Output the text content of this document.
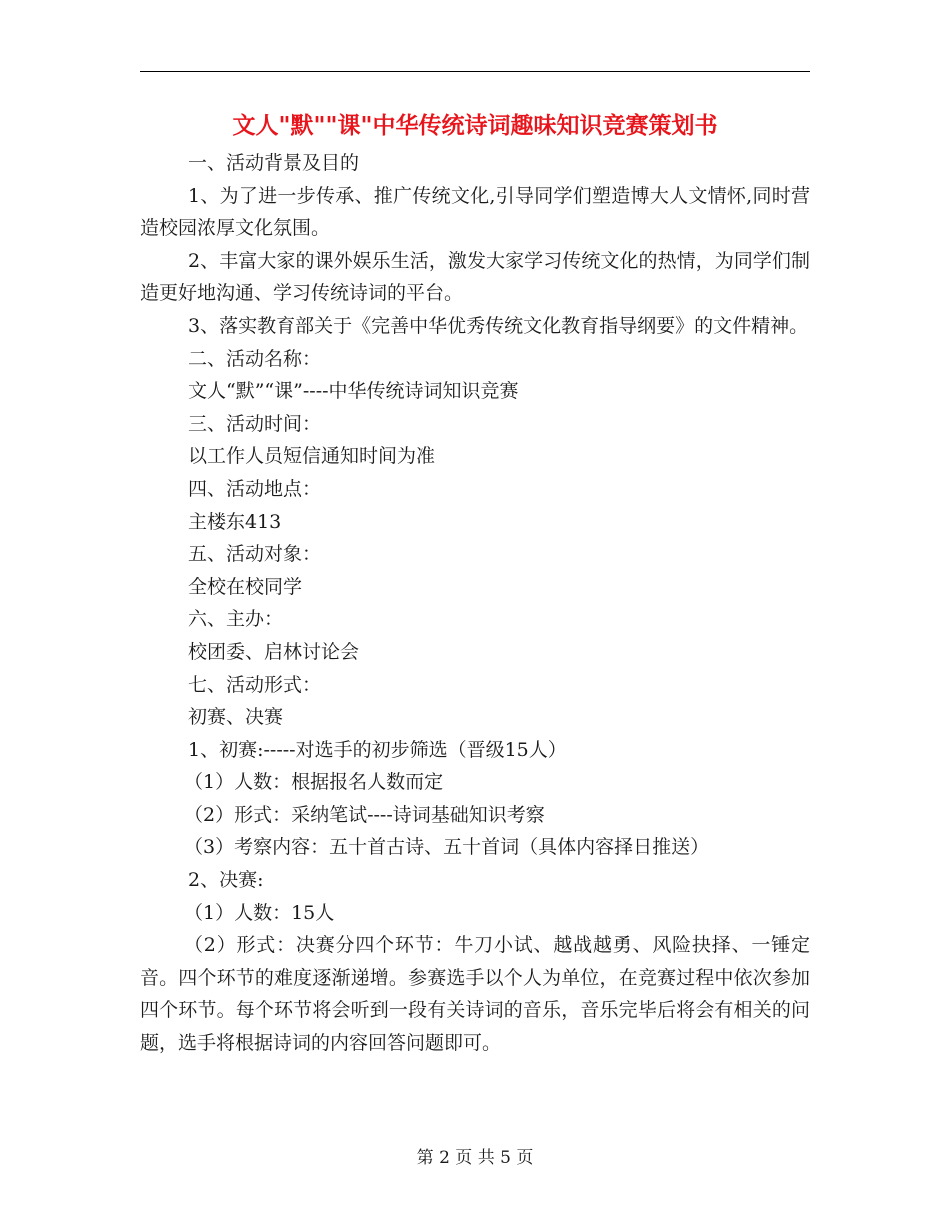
文人"默""课"中华传统诗词趣味知识竞赛策划书

一、活动背景及目的

1、为了进一步传承、推广传统文化,引导同学们塑造博大人文情怀,同时营造校园浓厚文化氛围。

2、丰富大家的课外娱乐生活，激发大家学习传统文化的热情，为同学们制造更好地沟通、学习传统诗词的平台。

3、落实教育部关于《完善中华优秀传统文化教育指导纲要》的文件精神。

二、活动名称：

文人“默”“课”----中华传统诗词知识竞赛

三、活动时间：

以工作人员短信通知时间为准

四、活动地点：

主楼东413

五、活动对象：

全校在校同学

六、主办：

校团委、启林讨论会

七、活动形式：

初赛、决赛

1、初赛:-----对选手的初步筛选（晋级15人）

（1）人数：根据报名人数而定

（2）形式：采纳笔试----诗词基础知识考察

（3）考察内容：五十首古诗、五十首词（具体内容择日推送）

2、决赛:

（1）人数：15人

（2）形式：决赛分四个环节：牛刀小试、越战越勇、风险抉择、一锤定音。四个环节的难度逐渐递增。参赛选手以个人为单位，在竞赛过程中依次参加四个环节。每个环节将会听到一段有关诗词的音乐，音乐完毕后将会有相关的问题，选手将根据诗词的内容回答问题即可。

第 2 页 共 5 页
